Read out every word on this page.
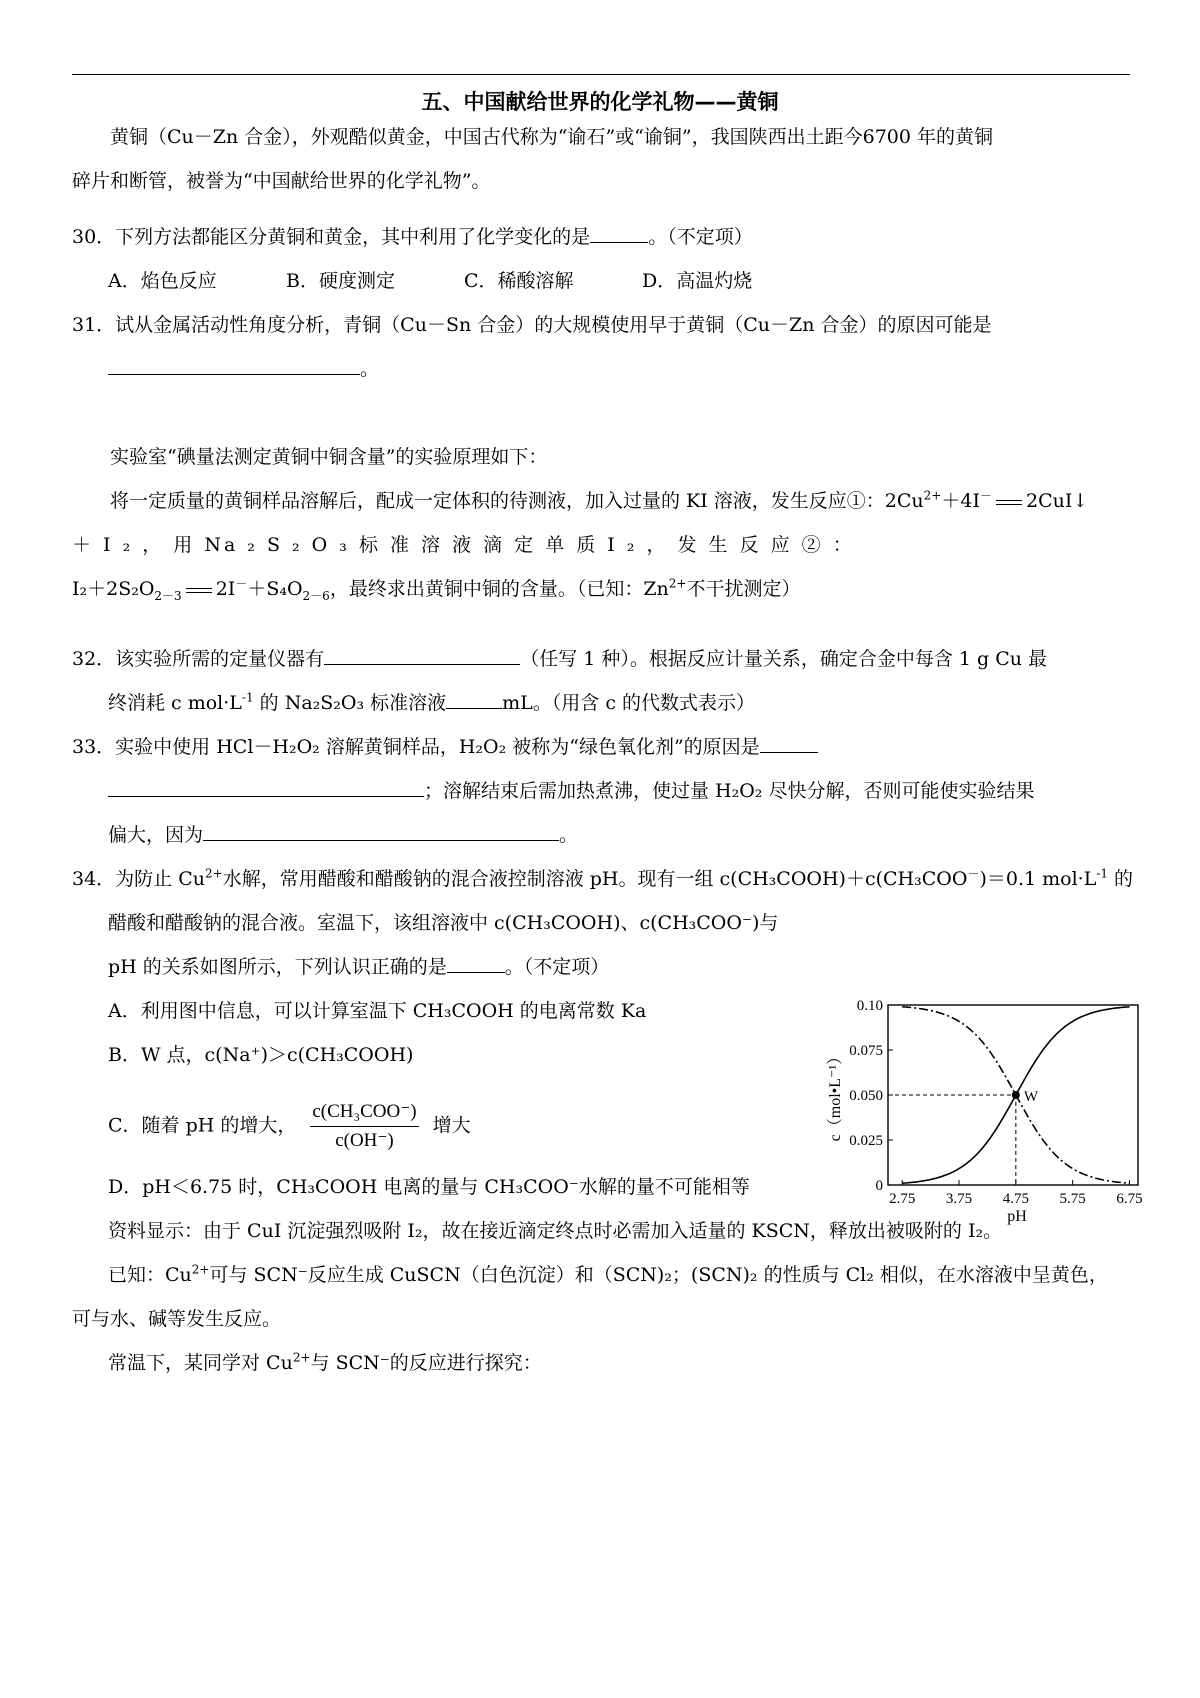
五、中国献给世界的化学礼物——黄铜
黄铜（Cu－Zn 合金），外观酷似黄金，中国古代称为“谕石”或“谕铜”，我国陕西出土距今6700 年的黄铜
碎片和断管，被誉为“中国献给世界的化学礼物”。
30．下列方法都能区分黄铜和黄金，其中利用了化学变化的是	。（不定项）
A．焰色反应	B．硬度测定	C．稀酸溶解	D．高温灼烧
31．试从金属活动性角度分析，青铜（Cu－Sn 合金）的大规模使用早于黄铜（Cu－Zn 合金）的原因可能是
。
实验室“碘量法测定黄铜中铜含量”的实验原理如下：
将一定质量的黄铜样品溶解后，配成一定体积的待测液，加入过量的 KI 溶液，发生反应①：$2Cu^{2+}+4I^-$ 2CuI↓
＋ I ₂ ， 用 Na ₂ S ₂ O ₃ 标 准 溶 液 滴 定 单 质 I ₂ ， 发 生 反 应 ② ：
$I_2+2S_2O_{2-3}$ $2I^-+S_4O_{2-6}$，最终求出黄铜中铜的含量。（已知：$Zn^{2+}$不干扰测定）
32．该实验所需的定量仪器有	（任写 1 种）。根据反应计量关系，确定合金中每含 1 g Cu 最
终消耗 c $mol\cdot L^{-1}$ 的 Na₂S₂O₃ 标准溶液	mL。（用含 c 的代数式表示）
33．实验中使用 HCl－H₂O₂ 溶解黄铜样品，H₂O₂ 被称为“绿色氧化剂”的原因是
；溶解结束后需加热煮沸，使过量 H₂O₂ 尽快分解，否则可能使实验结果
偏大，因为	。
34．为防止 $Cu^{2+}$水解，常用醋酸和醋酸钠的混合液控制溶液 pH。现有一组 c(CH₃COOH)＋c(CH₃COO－)＝0.1 $mol\cdot L^{-1}$ 的
醋酸和醋酸钠的混合液。室温下，该组溶液中 c(CH₃COOH)、c(CH₃COO⁻)与
pH 的关系如图所示，下列认识正确的是	。（不定项）
A．利用图中信息，可以计算室温下 CH₃COOH 的电离常数 Ka
B．W 点，c(Na⁺)＞c(CH₃COOH)
C．随着 pH 的增大， $\frac{\text{c(CH₃COO⁻)}}{c(OH^-)}$ 增大
D．pH＜6.75 时，CH₃COOH 电离的量与 CH₃COO⁻水解的量不可能相等
资料显示：由于 CuI 沉淀强烈吸附 I₂，故在接近滴定终点时必需加入适量的 KSCN，释放出被吸附的 I₂。
已知：$Cu^{2+}$可与 SCN⁻反应生成 CuSCN（白色沉淀）和（SCN)₂；(SCN)₂ 的性质与 Cl₂ 相似，在水溶液中呈黄色，
可与水、碱等发生反应。
常温下，某同学对 $Cu^{2+}$与 SCN⁻的反应进行探究：
2.75 3.75 4.75 5.75 6.75
0
0.025
0.050
0.075
0.10
pH
c（mol•L⁻¹）	W
